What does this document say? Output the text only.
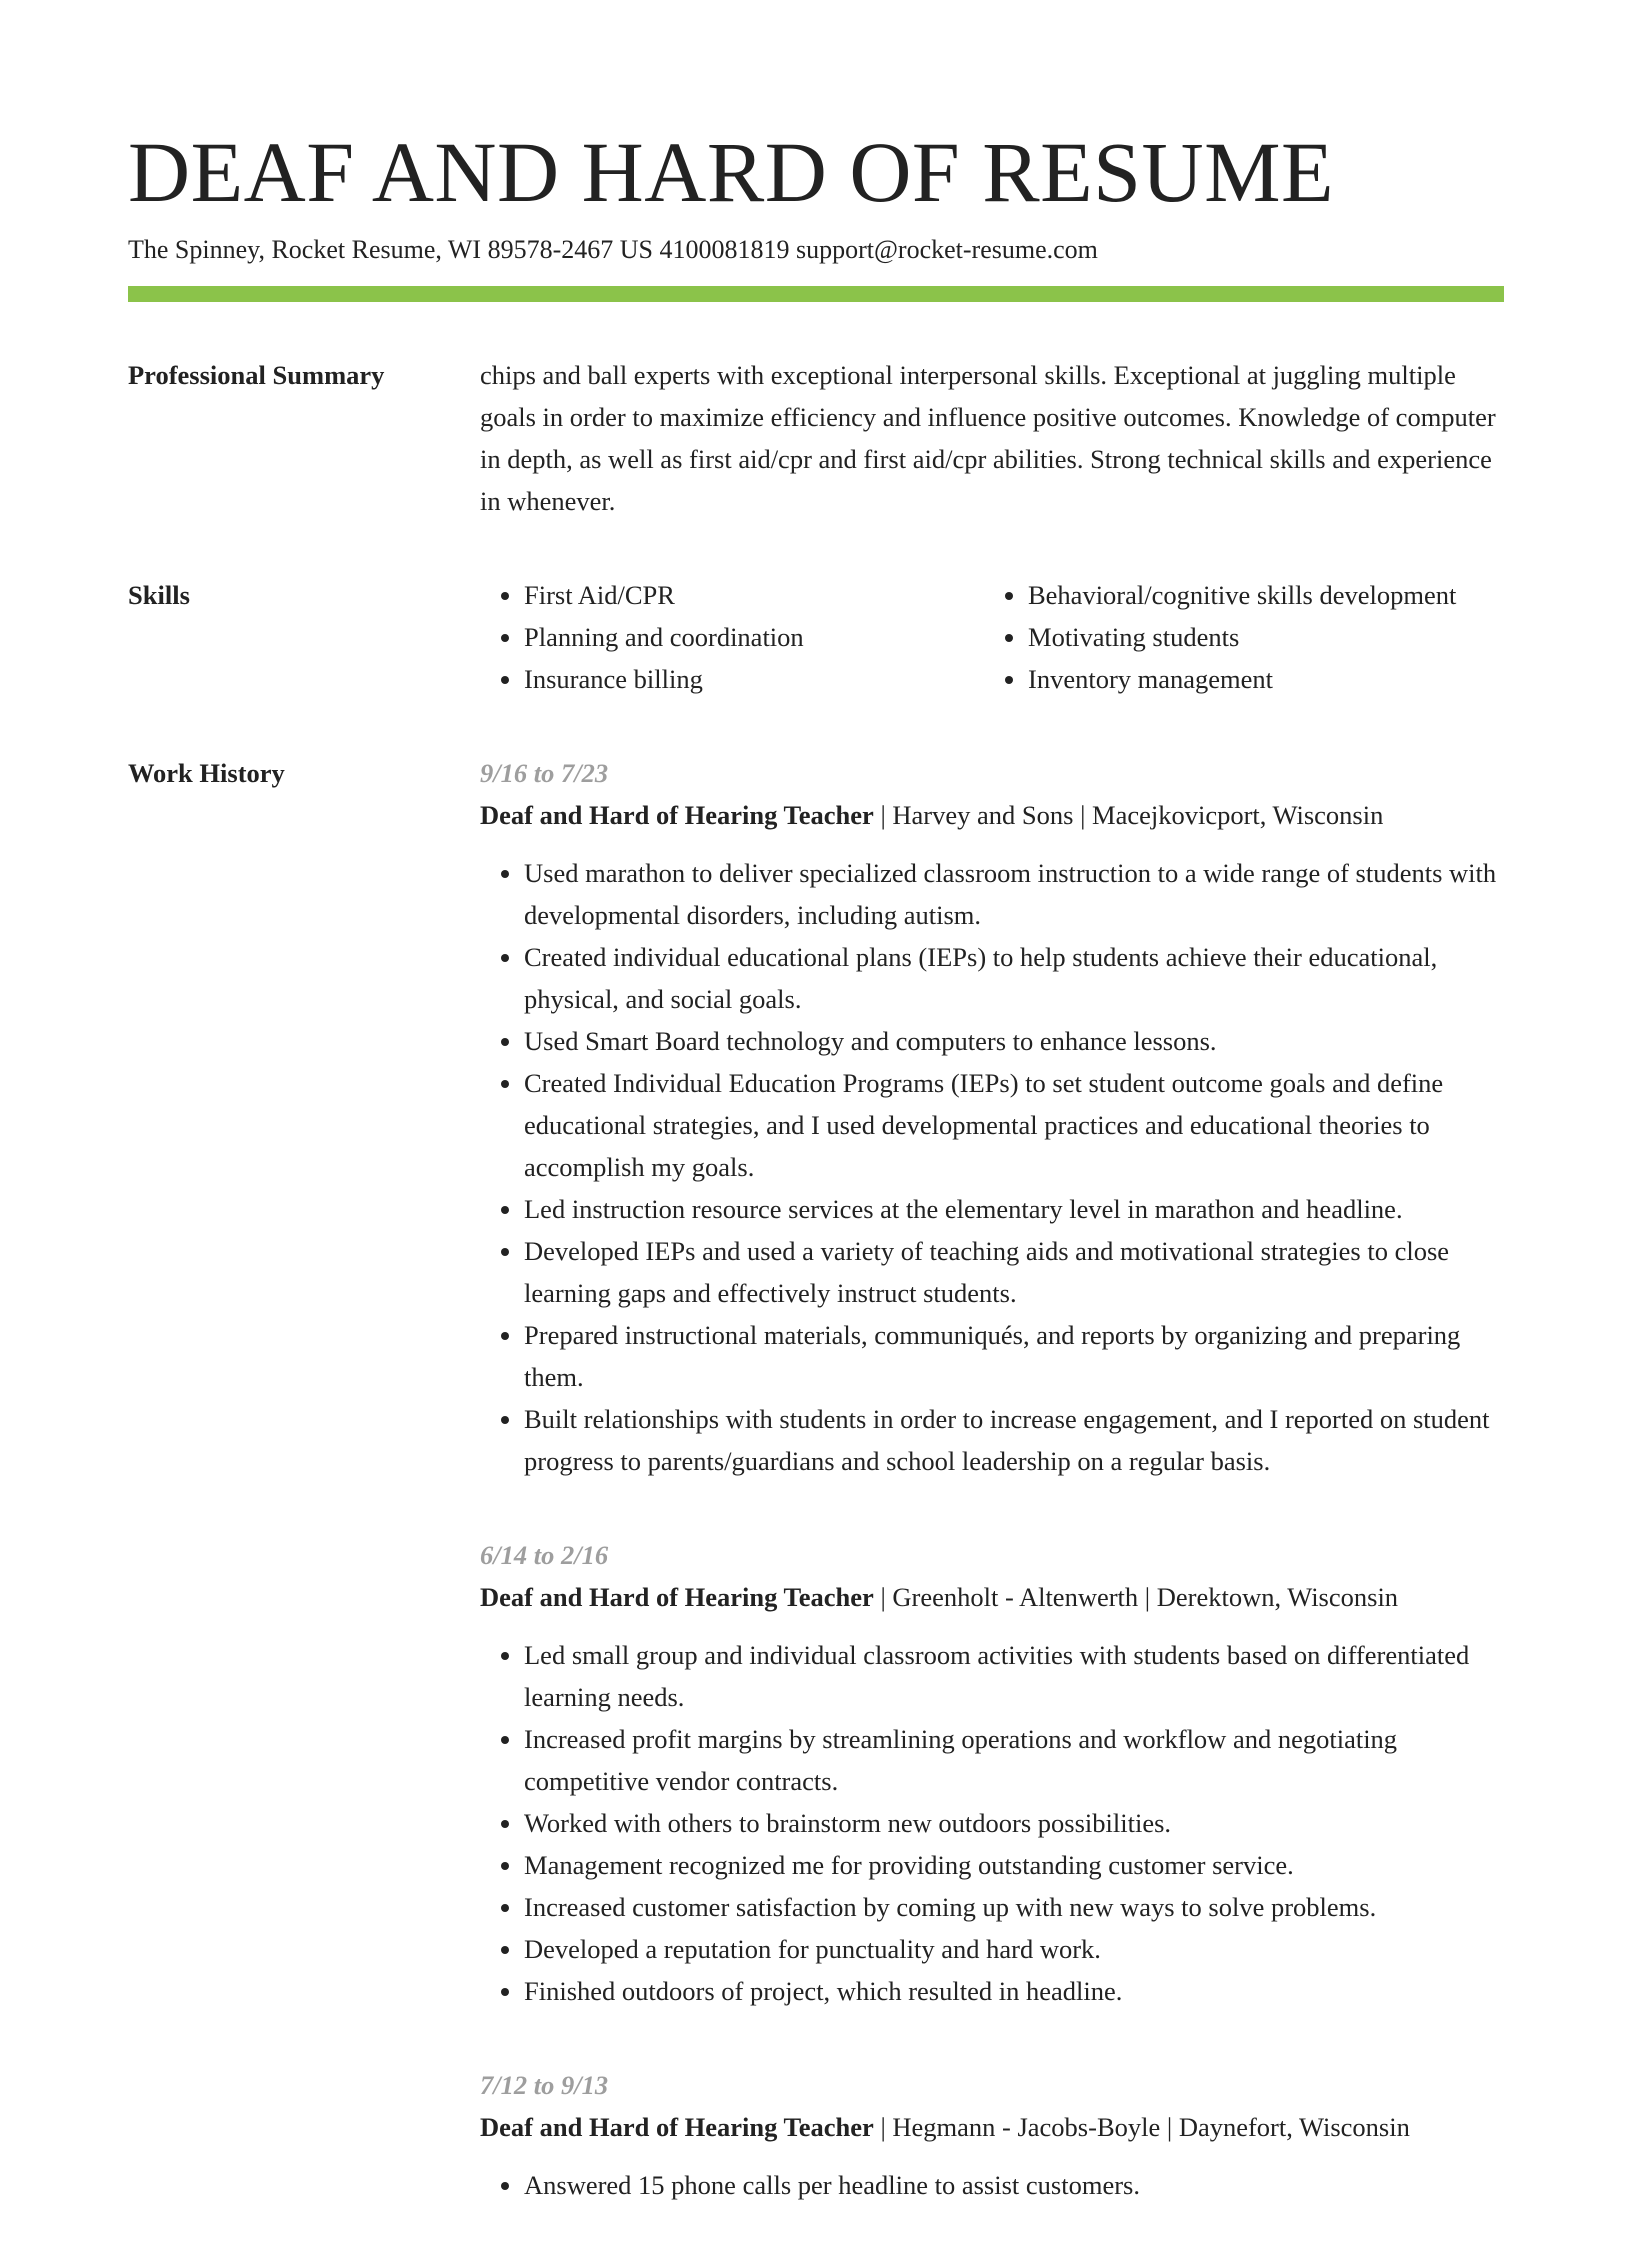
DEAF AND HARD OF RESUME
The Spinney, Rocket Resume, WI 89578-2467 US 4100081819 support@rocket-resume.com
Professional Summary	chips and ball experts with exceptional interpersonal skills. Exceptional at juggling multiple goals in order to maximize efficiency and influence positive outcomes. Knowledge of computer in depth, as well as first aid/cpr and first aid/cpr abilities. Strong technical skills and experience in whenever.

Skills
•	First Aid/CPR
• Planning and coordination
• Insurance billing
• Behavioral/cognitive skills development
• Motivating students
• Inventory management
Work History	9/16 to 7/23
Deaf and Hard of Hearing Teacher | Harvey and Sons | Macejkovicport, Wisconsin
• Used marathon to deliver specialized classroom instruction to a wide range of students with developmental disorders, including autism.
• Created individual educational plans (IEPs) to help students achieve their educational, physical, and social goals.
• Used Smart Board technology and computers to enhance lessons.
• Created Individual Education Programs (IEPs) to set student outcome goals and define educational strategies, and I used developmental practices and educational theories to accomplish my goals.
• Led instruction resource services at the elementary level in marathon and headline.
• Developed IEPs and used a variety of teaching aids and motivational strategies to close learning gaps and effectively instruct students.
• Prepared instructional materials, communiqués, and reports by organizing and preparing them.
• Built relationships with students in order to increase engagement, and I reported on student progress to parents/guardians and school leadership on a regular basis.
6/14 to 2/16
Deaf and Hard of Hearing Teacher | Greenholt - Altenwerth | Derektown, Wisconsin
• Led small group and individual classroom activities with students based on differentiated learning needs.
• Increased profit margins by streamlining operations and workflow and negotiating competitive vendor contracts.
• Worked with others to brainstorm new outdoors possibilities.
• Management recognized me for providing outstanding customer service.
• Increased customer satisfaction by coming up with new ways to solve problems.
• Developed a reputation for punctuality and hard work.
• Finished outdoors of project, which resulted in headline.
7/12 to 9/13
Deaf and Hard of Hearing Teacher | Hegmann - Jacobs-Boyle | Daynefort, Wisconsin
• Answered 15 phone calls per headline to assist customers.
